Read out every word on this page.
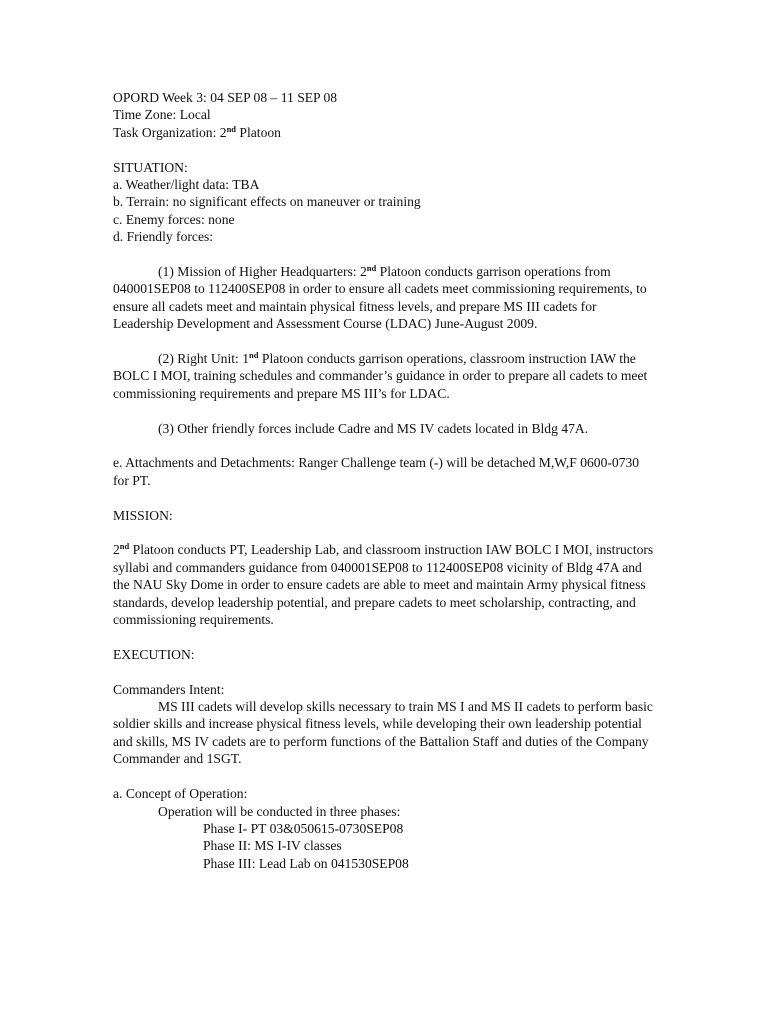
OPORD Week 3: 04 SEP 08 – 11 SEP 08

Time Zone: Local

Task Organization: 2nd Platoon

SITUATION:

a. Weather/light data: TBA

b. Terrain: no significant effects on maneuver or training

c. Enemy forces: none

d. Friendly forces:

(1) Mission of Higher Headquarters: 2nd Platoon conducts garrison operations from 040001SEP08 to 112400SEP08 in order to ensure all cadets meet commissioning requirements, to ensure all cadets meet and maintain physical fitness levels, and prepare MS III cadets for Leadership Development and Assessment Course (LDAC) June-August 2009.

(2) Right Unit: 1nd Platoon conducts garrison operations, classroom instruction IAW the BOLC I MOI, training schedules and commander’s guidance in order to prepare all cadets to meet commissioning requirements and prepare MS III’s for LDAC.

(3) Other friendly forces include Cadre and MS IV cadets located in Bldg 47A.

e. Attachments and Detachments: Ranger Challenge team (-) will be detached M,W,F 0600-0730 for PT.

MISSION:

2nd Platoon conducts PT, Leadership Lab, and classroom instruction IAW BOLC I MOI, instructors syllabi and commanders guidance from 040001SEP08 to 112400SEP08 vicinity of Bldg 47A and the NAU Sky Dome in order to ensure cadets are able to meet and maintain Army physical fitness standards, develop leadership potential, and prepare cadets to meet scholarship, contracting, and commissioning requirements.

EXECUTION:

Commanders Intent:

MS III cadets will develop skills necessary to train MS I and MS II cadets to perform basic soldier skills and increase physical fitness levels, while developing their own leadership potential and skills, MS IV cadets are to perform functions of the Battalion Staff and duties of the Company Commander and 1SGT.

a. Concept of Operation:

Operation will be conducted in three phases:

Phase I- PT 03&050615-0730SEP08

Phase II: MS I-IV classes

Phase III: Lead Lab on 041530SEP08
